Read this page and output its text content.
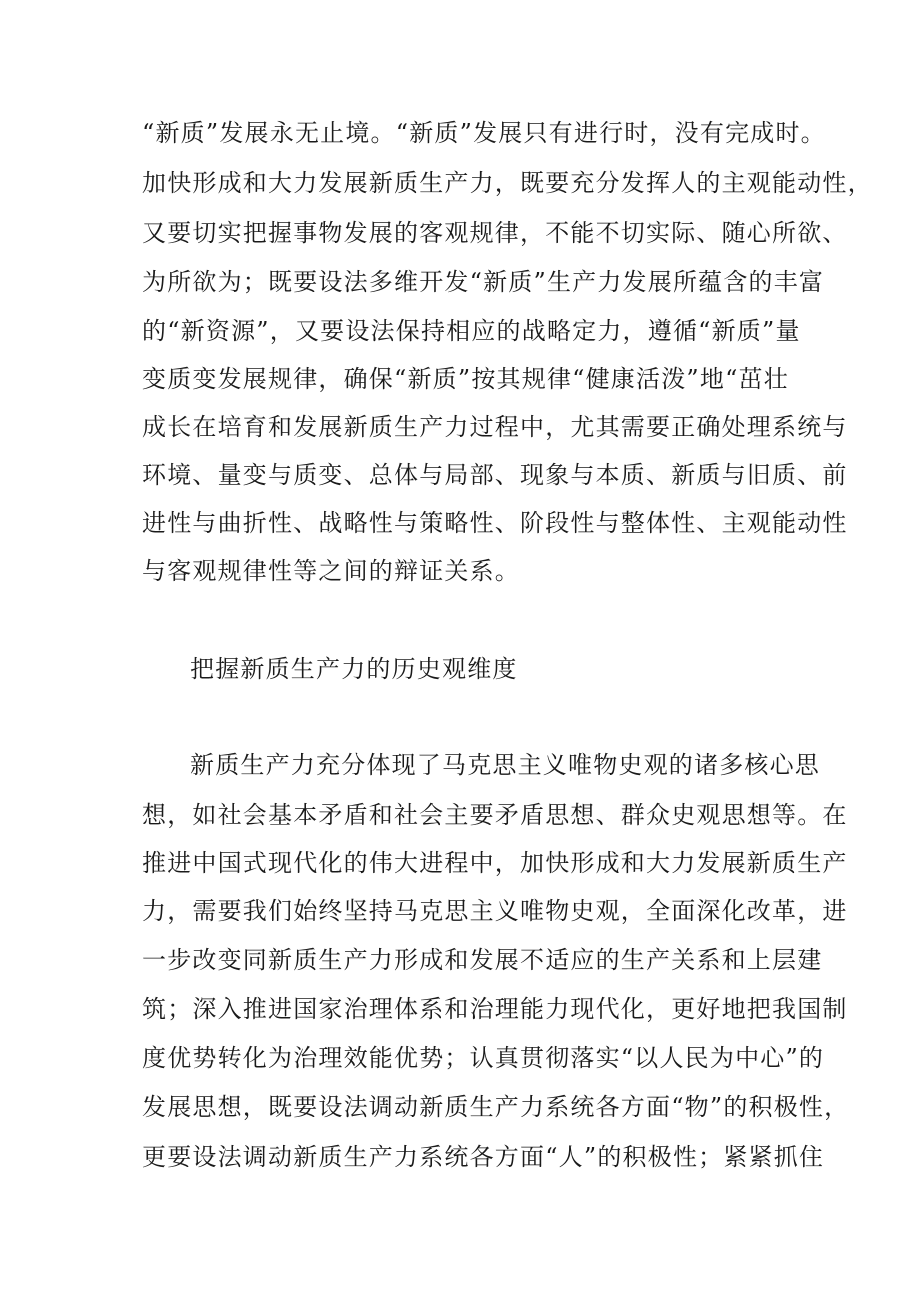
“新质”发展永无止境。“新质”发展只有进行时，没有完成时。
加快形成和大力发展新质生产力，既要充分发挥人的主观能动性，
又要切实把握事物发展的客观规律，不能不切实际、随心所欲、
为所欲为；既要设法多维开发“新质”生产力发展所蕴含的丰富
的“新资源”，又要设法保持相应的战略定力，遵循“新质”量
变质变发展规律，确保“新质”按其规律“健康活泼”地“茁壮
成长在培育和发展新质生产力过程中，尤其需要正确处理系统与
环境、量变与质变、总体与局部、现象与本质、新质与旧质、前
进性与曲折性、战略性与策略性、阶段性与整体性、主观能动性
与客观规律性等之间的辩证关系。
把握新质生产力的历史观维度
新质生产力充分体现了马克思主义唯物史观的诸多核心思
想，如社会基本矛盾和社会主要矛盾思想、群众史观思想等。在
推进中国式现代化的伟大进程中，加快形成和大力发展新质生产
力，需要我们始终坚持马克思主义唯物史观，全面深化改革，进
一步改变同新质生产力形成和发展不适应的生产关系和上层建
筑；深入推进国家治理体系和治理能力现代化，更好地把我国制
度优势转化为治理效能优势；认真贯彻落实“以人民为中心”的
发展思想，既要设法调动新质生产力系统各方面“物”的积极性，
更要设法调动新质生产力系统各方面“人”的积极性；紧紧抓住
